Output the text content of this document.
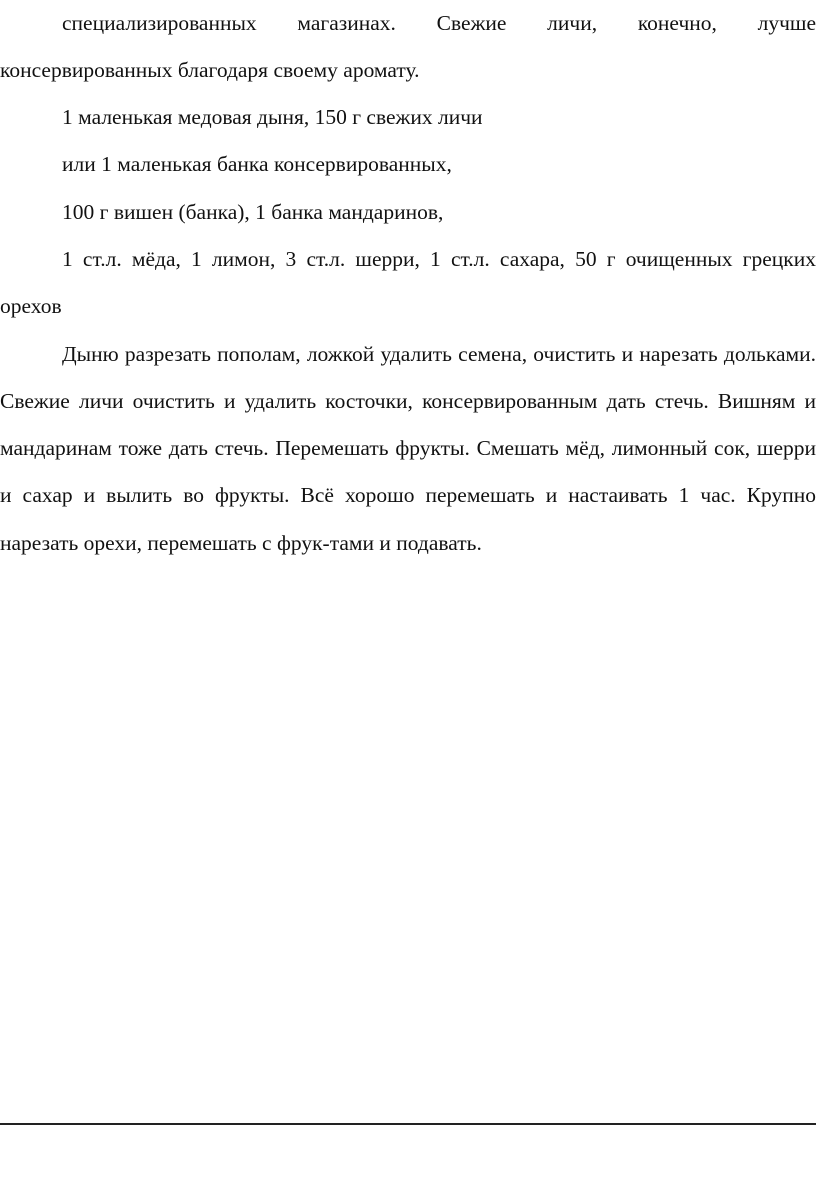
специализированных магазинах. Свежие личи, конечно, лучше консервированных благодаря своему аромату.

1 маленькая медовая дыня, 150 г свежих личи

или 1 маленькая банка консервированных,

100 г вишен (банка), 1 банка мандаринов,

1 ст.л. мёда, 1 лимон, 3 ст.л. шерри, 1 ст.л. сахара, 50 г очищенных грецких орехов

Дыню разрезать пополам, ложкой удалить семена, очистить и нарезать дольками. Свежие личи очистить и удалить косточки, консервированным дать стечь. Вишням и мандаринам тоже дать стечь. Перемешать фрукты. Смешать мёд, лимонный сок, шерри и сахар и вылить во фрукты. Всё хорошо перемешать и настаивать 1 час. Крупно нарезать орехи, перемешать с фрук-тами и подавать.
